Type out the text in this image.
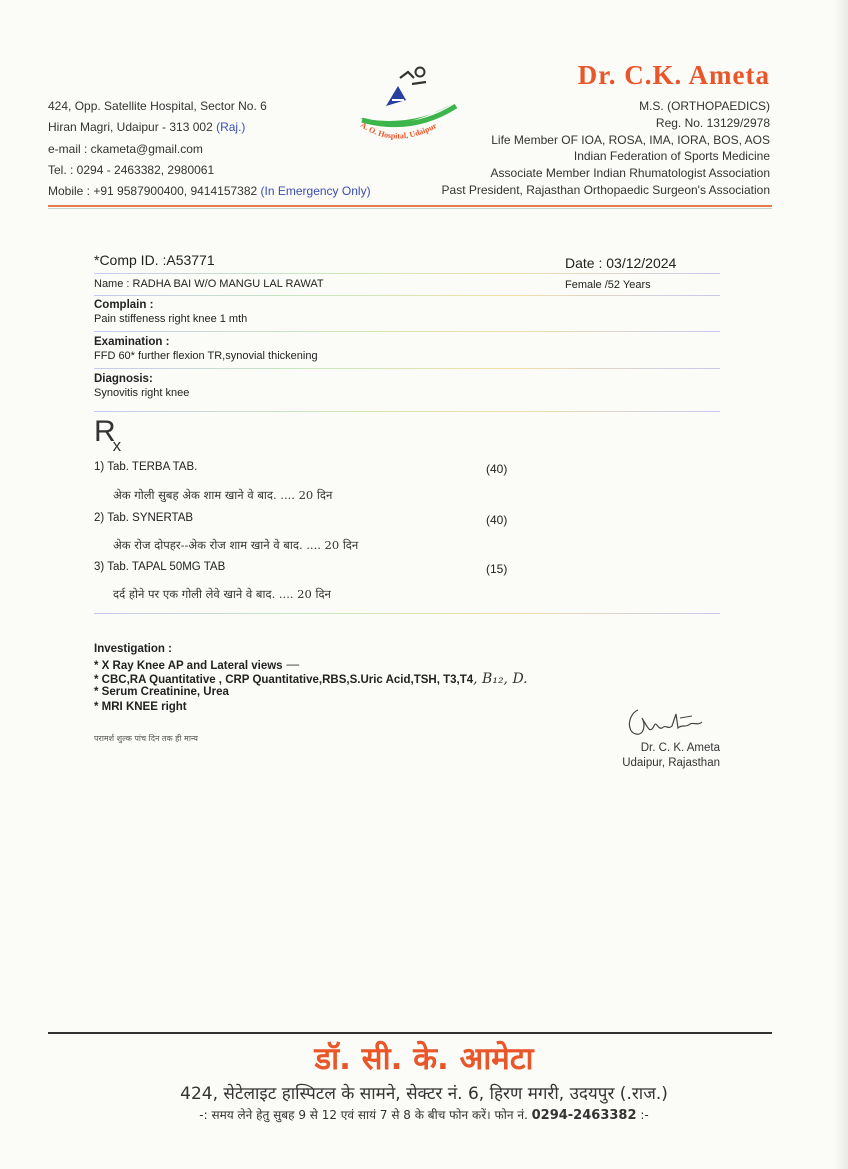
424, Opp. Satellite Hospital, Sector No. 6
Hiran Magri, Udaipur - 313 002 (Raj.)
e-mail : ckameta@gmail.com
Tel. : 0294 - 2463382, 2980061
Mobile : +91 9587900400, 9414157382 (In Emergency Only)
A. O. Hospital, Udaipur
Dr. C.K. Ameta
M.S. (ORTHOPAEDICS)
Reg. No. 13129/2978
Life Member OF IOA, ROSA, IMA, IORA, BOS, AOS
Indian Federation of Sports Medicine
Associate Member Indian Rhumatologist Association
Past President, Rajasthan Orthopaedic Surgeon's Association
*Comp ID. :A53771	Date : 03/12/2024
Name : RADHA BAI W/O MANGU LAL RAWAT	Female /52 Years
Complain :
Pain stiffeness right knee 1 mth
Examination :
FFD 60* further flexion TR,synovial thickening
Diagnosis:
Synovitis right knee
$R_x$
1) Tab. TERBA TAB.	(40)
अेक गोली सुबह अेक शाम खाने वे बाद. .... 20 दिन
2) Tab. SYNERTAB	(40)
अेक रोज दोपहर--अेक रोज शाम खाने वे बाद. .... 20 दिन
3) Tab. TAPAL 50MG TAB	(15)
दर्द होने पर एक गोली लेवे खाने वे बाद. .... 20 दिन
Investigation :
* X Ray Knee AP and Lateral views —
* CBC,RA Quantitative , CRP Quantitative,RBS,S.Uric Acid,TSH, T3,T4, B₁₂, D.
* Serum Creatinine, Urea
* MRI KNEE right
परामर्श शुल्क पांच दिन तक ही मान्य
Dr. C. K. Ameta
Udaipur, Rajasthan
डॉ. सी. के. आमेटा
424, सेटेलाइट हास्पिटल के सामने, सेक्टर नं. 6, हिरण मगरी, उदयपुर (.राज.)
-: समय लेने हेतु सुबह 9 से 12 एवं सायं 7 से 8 के बीच फोन करें। फोन नं. 0294-2463382 :-
